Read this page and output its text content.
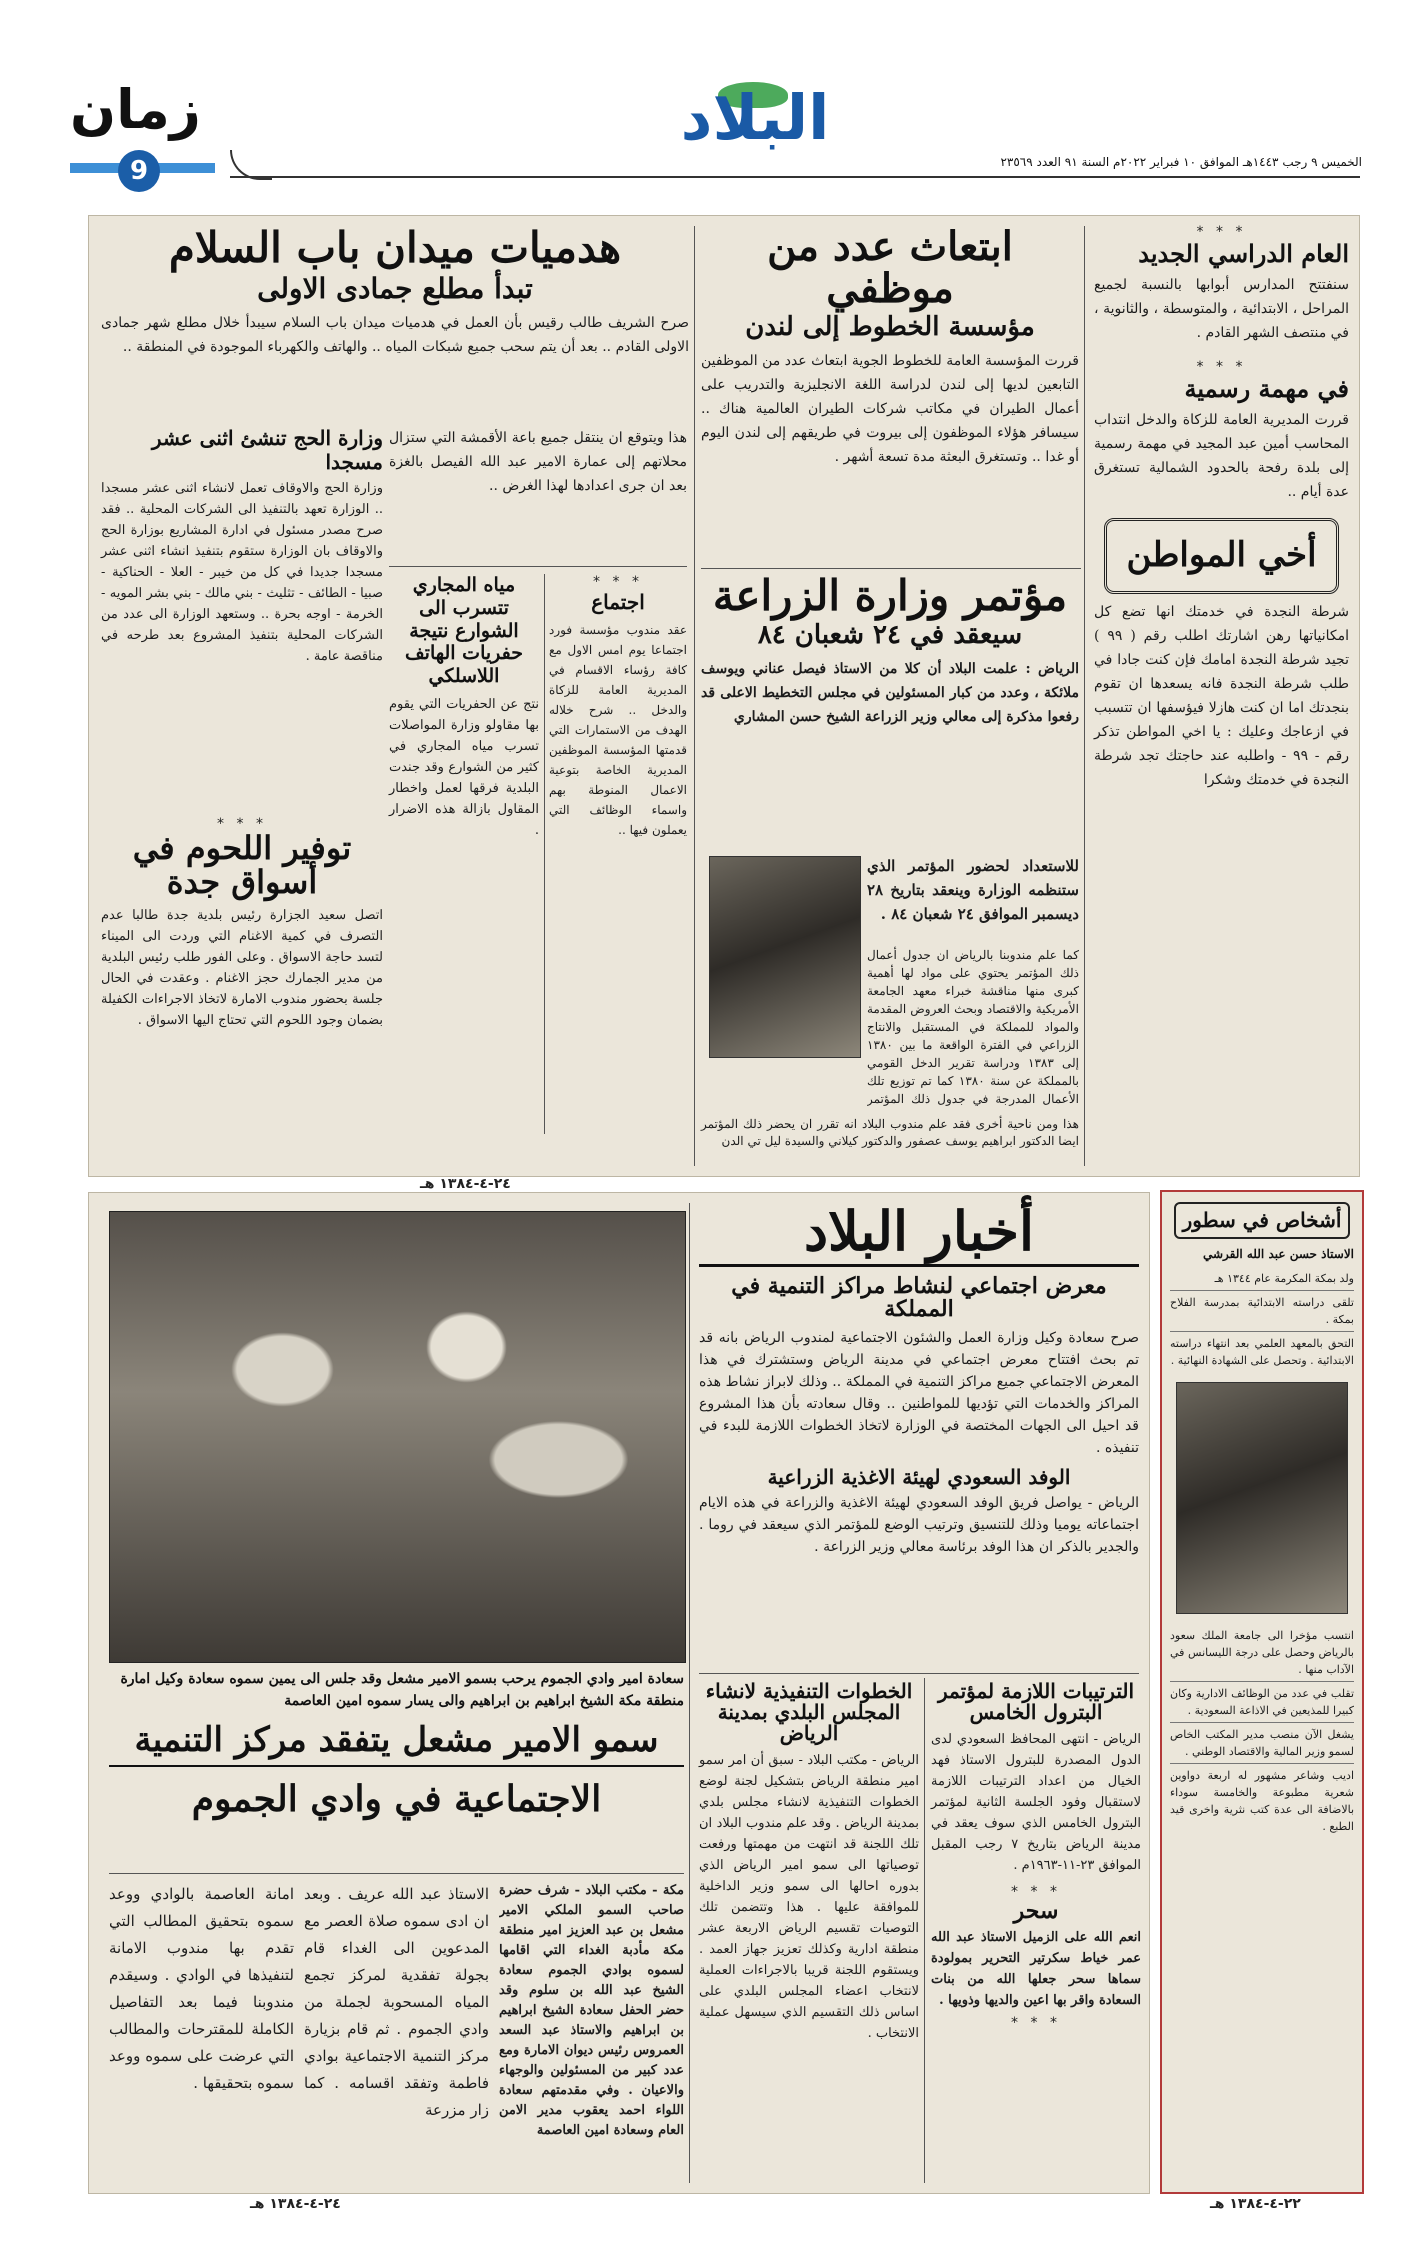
البلاد
الخميس ٩ رجب ١٤٤٣هـ الموافق ١٠ فبراير ٢٠٢٢م السنة ٩١ العدد ٢٣٥٦٩
زمان
9
* * *
العام الدراسي الجديد
سنفتتح المدارس أبوابها بالنسبة لجميع المراحل ، الابتدائية ، والمتوسطة ، والثانوية ، في منتصف الشهر القادم .
* * *
في مهمة رسمية
قررت المديرية العامة للزكاة والدخل انتداب المحاسب أمين عبد المجيد في مهمة رسمية إلى بلدة رفحة بالحدود الشمالية تستغرق عدة أيام ..
أخي المواطن
شرطة النجدة في خدمتك انها تضع كل امكانياتها رهن اشارتك اطلب رقم ( ٩٩ ) تجيد شرطة النجدة امامك فإن كنت جادا في طلب شرطة النجدة فانه يسعدها ان تقوم بنجدتك اما ان كنت هازلا فيؤسفها ان تتسبب في ازعاجك وعليك : يا اخي المواطن تذكر رقم - ٩٩ - واطلبه عند حاجتك تجد شرطة النجدة في خدمتك وشكرا
ابتعاث عدد من موظفي
مؤسسة الخطوط إلى لندن
قررت المؤسسة العامة للخطوط الجوية ابتعاث عدد من الموظفين التابعين لديها إلى لندن لدراسة اللغة الانجليزية والتدريب على أعمال الطيران في مكاتب شركات الطيران العالمية هناك .. سيسافر هؤلاء الموظفون إلى بيروت في طريقهم إلى لندن اليوم أو غدا .. وتستغرق البعثة مدة تسعة أشهر .
مؤتمر وزارة الزراعة
سيعقد في ٢٤ شعبان ٨٤
الرياض : علمت البلاد أن كلا من الاستاذ فيصل عناني ويوسف ملائكة ، وعدد من كبار المسئولين في مجلس التخطيط الاعلى قد رفعوا مذكرة إلى معالي وزير الزراعة الشيخ حسن المشاري
للاستعداد لحضور المؤتمر الذي ستنظمه الوزارة وينعقد بتاريخ ٢٨ ديسمبر الموافق ٢٤ شعبان ٨٤ .
كما علم مندوبنا بالرياض ان جدول أعمال ذلك المؤتمر يحتوي على مواد لها أهمية كبرى منها مناقشة خبراء معهد الجامعة الأمريكية والاقتصاد وبحث العروض المقدمة والمواد للمملكة في المستقبل والانتاج الزراعي في الفترة الواقعة ما بين ١٣٨٠ إلى ١٣٨٣ ودراسة تقرير الدخل القومي بالمملكة عن سنة ١٣٨٠ كما تم توزيع تلك الأعمال المدرجة في جدول ذلك المؤتمر
هذا ومن ناحية أخرى فقد علم مندوب البلاد انه تقرر ان يحضر ذلك المؤتمر ايضا الدكتور ابراهيم يوسف عصفور والدكتور كيلاني والسيدة ليل تي الدن
هدميات ميدان باب السلام
تبدأ مطلع جمادى الاولى
صرح الشريف طالب رقيس بأن العمل في هدميات ميدان باب السلام سيبدأ خلال مطلع شهر جمادى الاولى القادم .. بعد أن يتم سحب جميع شبكات المياه .. والهاتف والكهرباء الموجودة في المنطقة ..
هذا ويتوقع ان ينتقل جميع باعة الأقمشة التي ستزال محلاتهم إلى عمارة الامير عبد الله الفيصل بالغزة بعد ان جرى اعدادها لهذا الغرض ..
وزارة الحج تنشئ اثنى عشر مسجدا
وزارة الحج والاوقاف تعمل لانشاء اثنى عشر مسجدا .. الوزارة تعهد بالتنفيذ الى الشركات المحلية .. فقد صرح مصدر مسئول في ادارة المشاريع بوزارة الحج والاوقاف بان الوزارة ستقوم بتنفيذ انشاء اثنى عشر مسجدا جديدا في كل من خيبر - العلا - الحناكية - صبيا - الطائف - تثليث - بني مالك - بني بشر المويه - الخرمة - اوجه بحرة .. وستعهد الوزارة الى عدد من الشركات المحلية بتنفيذ المشروع بعد طرحه في مناقصة عامة .
مياه المجاري تتسرب الى الشوارع نتيجة حفريات الهاتف اللاسلكي
نتج عن الحفريات التي يقوم بها مقاولو وزارة المواصلات تسرب مياه المجاري في كثير من الشوارع وقد جندت البلدية فرقها لعمل واخطار المقاول بازالة هذه الاضرار .
* * *
اجتماع
عقد مندوب مؤسسة فورد اجتماعا يوم امس الاول مع كافة رؤساء الاقسام في المديرية العامة للزكاة والدخل .. شرح خلاله الهدف من الاستمارات التي قدمتها المؤسسة الموظفين المديرية الخاصة بتوعية الاعمال المنوطة بهم واسماء الوظائف التي يعملون فيها ..
* * *
توفير اللحوم في أسواق جدة
اتصل سعيد الجزارة رئيس بلدية جدة طالبا عدم التصرف في كمية الاغنام التي وردت الى الميناء لتسد حاجة الاسواق . وعلى الفور طلب رئيس البلدية من مدير الجمارك حجز الاغنام . وعقدت في الحال جلسة بحضور مندوب الامارة لاتخاذ الاجراءات الكفيلة بضمان وجود اللحوم التي تحتاج اليها الاسواق .
٢٤-٤-١٣٨٤ هـ
أخبار البلاد
معرض اجتماعي لنشاط مراكز التنمية في المملكة
صرح سعادة وكيل وزارة العمل والشئون الاجتماعية لمندوب الرياض بانه قد تم بحث افتتاح معرض اجتماعي في مدينة الرياض وستشترك في هذا المعرض الاجتماعي جميع مراكز التنمية في المملكة .. وذلك لابراز نشاط هذه المراكز والخدمات التي تؤديها للمواطنين .. وقال سعادته بأن هذا المشروع قد احيل الى الجهات المختصة في الوزارة لاتخاذ الخطوات اللازمة للبدء في تنفيذه .
الوفد السعودي لهيئة الاغذية الزراعية
الرياض - يواصل فريق الوفد السعودي لهيئة الاغذية والزراعة في هذه الايام اجتماعاته يوميا وذلك للتنسيق وترتيب الوضع للمؤتمر الذي سيعقد في روما . والجدير بالذكر ان هذا الوفد برئاسة معالي وزير الزراعة .
الخطوات التنفيذية لانشاء المجلس البلدي بمدينة الرياض
الرياض - مكتب البلاد - سبق أن امر سمو امير منطقة الرياض بتشكيل لجنة لوضع الخطوات التنفيذية لانشاء مجلس بلدي بمدينة الرياض . وقد علم مندوب البلاد ان تلك اللجنة قد انتهت من مهمتها ورفعت توصياتها الى سمو امير الرياض الذي بدوره احالها الى سمو وزير الداخلية للموافقة عليها . هذا وتتضمن تلك التوصيات تقسيم الرياض الاربعة عشر منطقة ادارية وكذلك تعزيز جهاز العمد . ويستقوم اللجنة قريبا بالاجراءات العملية لانتخاب اعضاء المجلس البلدي على اساس ذلك التقسيم الذي سيسهل عملية الانتخاب .
الترتيبات اللازمة لمؤتمر البترول الخامس
الرياض - انتهى المحافظ السعودي لدى الدول المصدرة للبترول الاستاذ فهد الخيال من اعداد الترتيبات اللازمة لاستقبال وفود الجلسة الثانية لمؤتمر البترول الخامس الذي سوف يعقد في مدينة الرياض بتاريخ ٧ رجب المقبل الموافق ٢٣-١١-١٩٦٣م .
* * *
سحر
انعم الله على الزميل الاستاذ عبد الله عمر خياط سكرتير التحرير بمولودة سماها سحر جعلها الله من بنات السعادة واقر بها اعين والديها وذويها .
* * *
سعادة امير وادي الجموم يرحب بسمو الامير مشعل وقد جلس الى يمين سموه سعادة وكيل امارة منطقة مكة الشيخ ابراهيم بن ابراهيم والى يسار سموه امين العاصمة
سمو الامير مشعل يتفقد مركز التنمية
الاجتماعية في وادي الجموم
مكة - مكتب البلاد - شرف حضرة صاحب السمو الملكي الامير مشعل بن عبد العزيز امير منطقة مكة مأدبة الغداء التي اقامها لسموه بوادي الجموم سعادة الشيخ عبد الله بن سلوم وقد حضر الحفل سعادة الشيخ ابراهيم بن ابراهيم والاستاذ عبد السعد العمروس رئيس ديوان الامارة ومع عدد كبير من المسئولين والوجهاء والاعيان . وفي مقدمتهم سعادة اللواء احمد يعقوب مدير الامن العام وسعادة امين العاصمة
الاستاذ عبد الله عريف . وبعد ان ادى سموه صلاة العصر مع المدعوين الى الغداء قام بجولة تفقدية لمركز تجمع المياه المسحوبة لجملة من وادي الجموم . ثم قام بزيارة مركز التنمية الاجتماعية بوادي فاطمة وتفقد اقسامه . كما زار مزرعة
امانة العاصمة بالوادي ووعد سموه بتحقيق المطالب التي تقدم بها مندوب الامانة لتنفيذها في الوادي . وسيقدم مندوبنا فيما بعد التفاصيل الكاملة للمقترحات والمطالب التي عرضت على سموه ووعد سموه بتحقيقها .
٢٤-٤-١٣٨٤ هـ
أشخاص في سطور
الاستاذ حسن عبد الله القرشي
ولد بمكة المكرمة عام ١٣٤٤ هـ
تلقى دراسته الابتدائية بمدرسة الفلاح بمكة .
التحق بالمعهد العلمي بعد انتهاء دراسته الابتدائية . وتحصل على الشهادة النهائية .
انتسب مؤخرا الى جامعة الملك سعود بالرياض وحصل على درجة الليسانس في الآداب منها .
تقلب في عدد من الوظائف الادارية وكان كبيرا للمذيعين في الاذاعة السعودية .
يشغل الآن منصب مدير المكتب الخاص لسمو وزير المالية والاقتصاد الوطني .
اديب وشاعر مشهور له اربعة دواوين شعرية مطبوعة والخامسة سوداء بالاضافة الى عدة كتب نثرية واخرى قيد الطبع .
٢٢-٤-١٣٨٤ هـ
